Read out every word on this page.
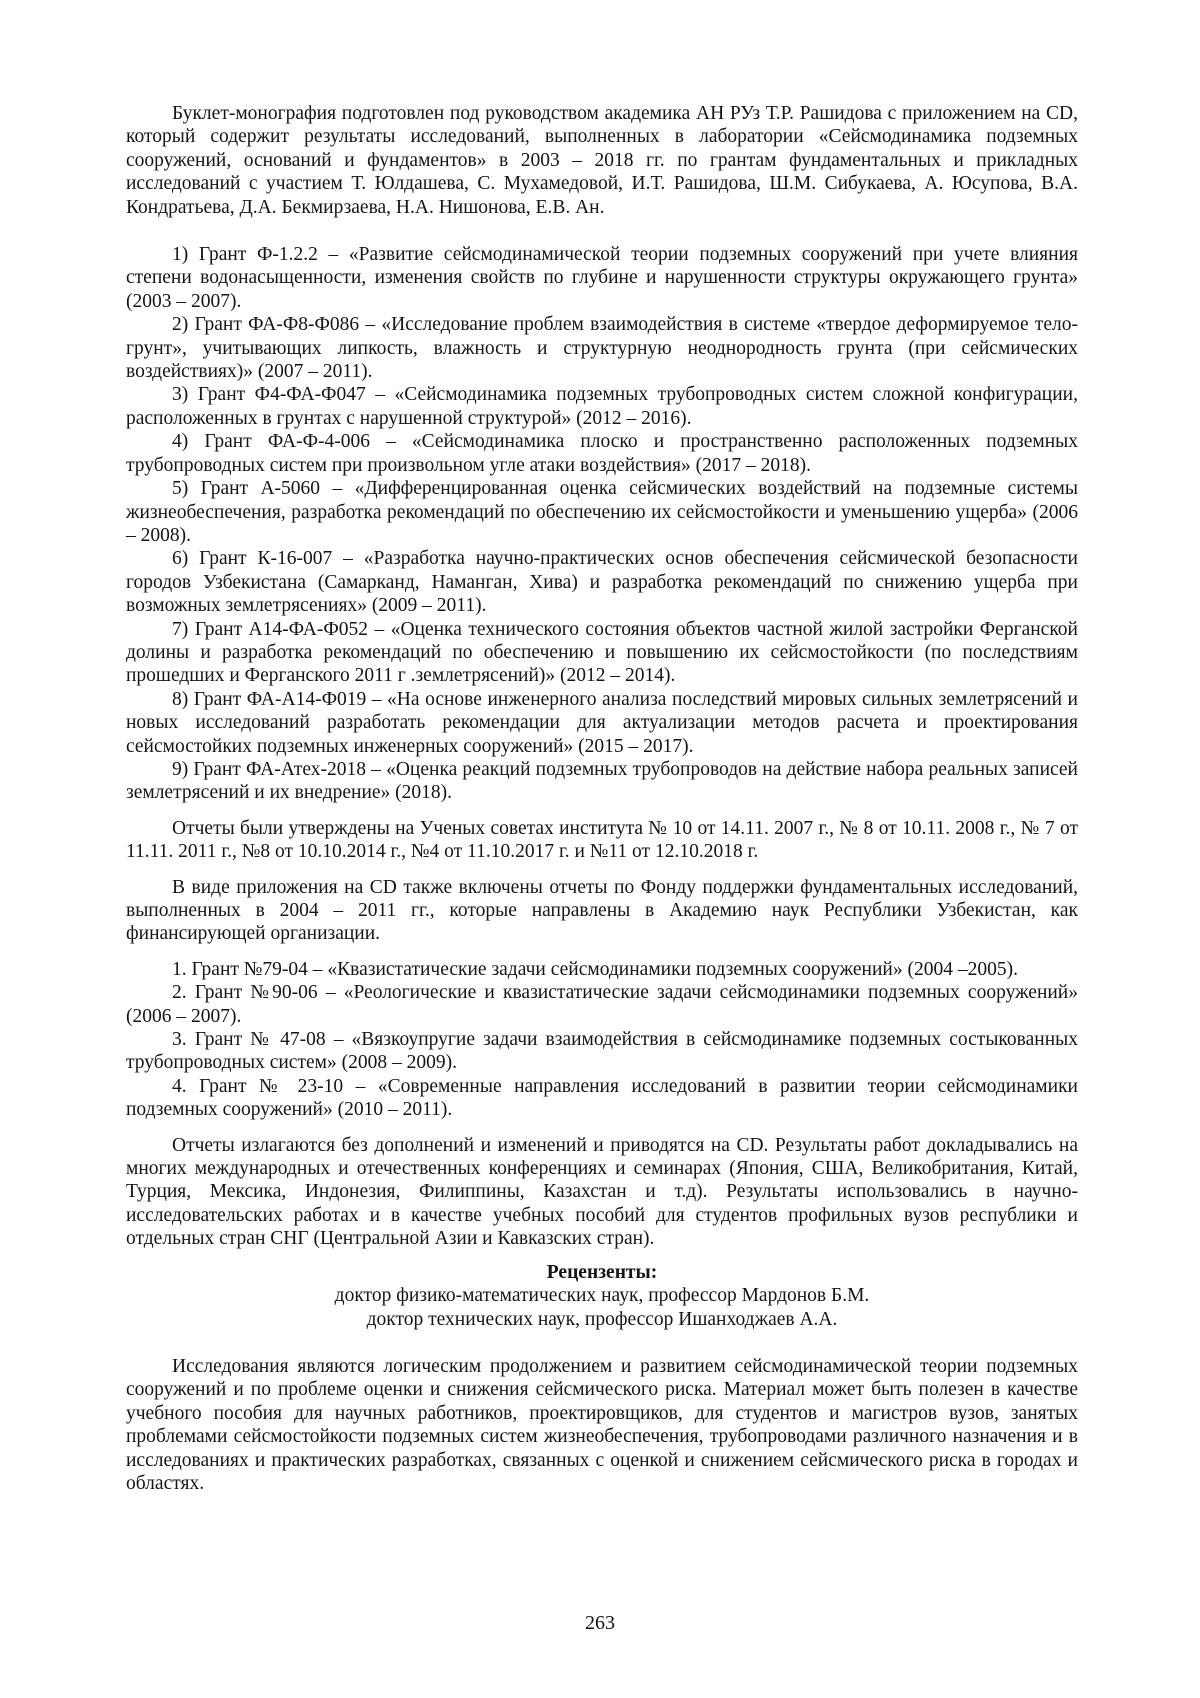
Буклет-монография подготовлен под руководством академика АН РУз Т.Р. Рашидова с приложением на CD, который содержит результаты исследований, выполненных в лаборатории «Сейсмодинамика подземных сооружений, оснований и фундаментов» в 2003 – 2018 гг. по грантам фундаментальных и прикладных исследований с участием Т. Юлдашева, С. Мухамедовой, И.Т. Рашидова, Ш.М. Сибукаева, А. Юсупова, В.А. Кондратьева, Д.А. Бекмирзаева, Н.А. Нишонова, Е.В. Ан.

1) Грант Ф-1.2.2 – «Развитие сейсмодинамической теории подземных сооружений при учете влияния степени водонасыщенности, изменения свойств по глубине и нарушенности структуры окружающего грунта» (2003 – 2007).

2) Грант ФА-Ф8-Ф086 – «Исследование проблем взаимодействия в системе «твердое деформируемое тело- грунт», учитывающих липкость, влажность и структурную неоднородность грунта (при сейсмических воздействиях)» (2007 – 2011).

3) Грант Ф4-ФА-Ф047 – «Сейсмодинамика подземных трубопроводных систем сложной конфигурации, расположенных в грунтах с нарушенной структурой» (2012 – 2016).

4) Грант ФА-Ф-4-006 – «Сейсмодинамика плоско и пространственно расположенных подземных трубопроводных систем при произвольном угле атаки воздействия» (2017 – 2018).

5) Грант А-5060 – «Дифференцированная оценка сейсмических воздействий на подземные системы жизнеобеспечения, разработка рекомендаций по обеспечению их сейсмостойкости и уменьшению ущерба» (2006 – 2008).

6) Грант К-16-007 – «Разработка научно-практических основ обеспечения сейсмической безопасности городов Узбекистана (Самарканд, Наманган, Хива) и разработка рекомендаций по снижению ущерба при возможных землетрясениях» (2009 – 2011).

7) Грант А14-ФА-Ф052 – «Оценка технического состояния объектов частной жилой застройки Ферганской долины и разработка рекомендаций по обеспечению и повышению их сейсмостойкости (по последствиям прошедших и Ферганского 2011 г .землетрясений)» (2012 – 2014).

8) Грант ФА-А14-Ф019 – «На основе инженерного анализа последствий мировых сильных землетрясений и новых исследований разработать рекомендации для актуализации методов расчета и проектирования сейсмостойких подземных инженерных сооружений» (2015 – 2017).

9) Грант ФА-Атех-2018 – «Оценка реакций подземных трубопроводов на действие набора реальных записей землетрясений и их внедрение» (2018).

Отчеты были утверждены на Ученых советах института № 10 от 14.11. 2007 г., № 8 от 10.11. 2008 г., № 7 от 11.11. 2011 г., №8 от 10.10.2014 г., №4 от 11.10.2017 г. и №11 от 12.10.2018 г.

В виде приложения на CD также включены отчеты по Фонду поддержки фундаментальных исследований, выполненных в 2004 – 2011 гг., которые направлены в Академию наук Республики Узбекистан, как финансирующей организации.

1. Грант №79-04 – «Квазистатические задачи сейсмодинамики подземных сооружений» (2004 –2005).

2. Грант №90-06 – «Реологические и квазистатические задачи сейсмодинамики подземных сооружений» (2006 – 2007).

3. Грант № 47-08 – «Вязкоупругие задачи взаимодействия в сейсмодинамике подземных состыкованных трубопроводных систем» (2008 – 2009).

4. Грант № 23-10 – «Современные направления исследований в развитии теории сейсмодинамики подземных сооружений» (2010 – 2011).

Отчеты излагаются без дополнений и изменений и приводятся на CD. Результаты работ докладывались на многих международных и отечественных конференциях и семинарах (Япония, США, Великобритания, Китай, Турция, Мексика, Индонезия, Филиппины, Казахстан и т.д). Результаты использовались в научно-исследовательских работах и в качестве учебных пособий для студентов профильных вузов республики и отдельных стран СНГ (Центральной Азии и Кавказских стран).

Рецензенты:

доктор физико-математических наук, профессор Мардонов Б.М.

доктор технических наук, профессор Ишанходжаев А.А.

Исследования являются логическим продолжением и развитием сейсмодинамической теории подземных сооружений и по проблеме оценки и снижения сейсмического риска. Материал может быть полезен в качестве учебного пособия для научных работников, проектировщиков, для студентов и магистров вузов, занятых проблемами сейсмостойкости подземных систем жизнеобеспечения, трубопроводами различного назначения и в исследованиях и практических разработках, связанных с оценкой и снижением сейсмического риска в городах и областях.

263
